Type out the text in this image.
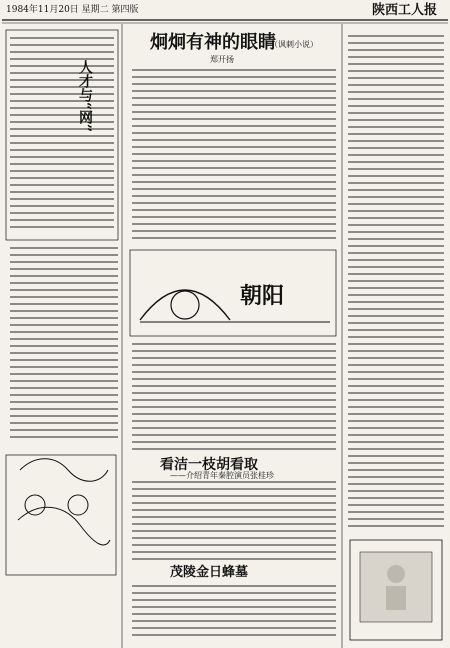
1984年11月20日 星期二 第四版	陕西工人报
人才与“网”
炯炯有神的眼睛
（讽刺小说）
郑开扬
朝阳
看洁一枝胡看取
——介绍青年秦腔演员张桂珍
茂陵金日蜂墓
